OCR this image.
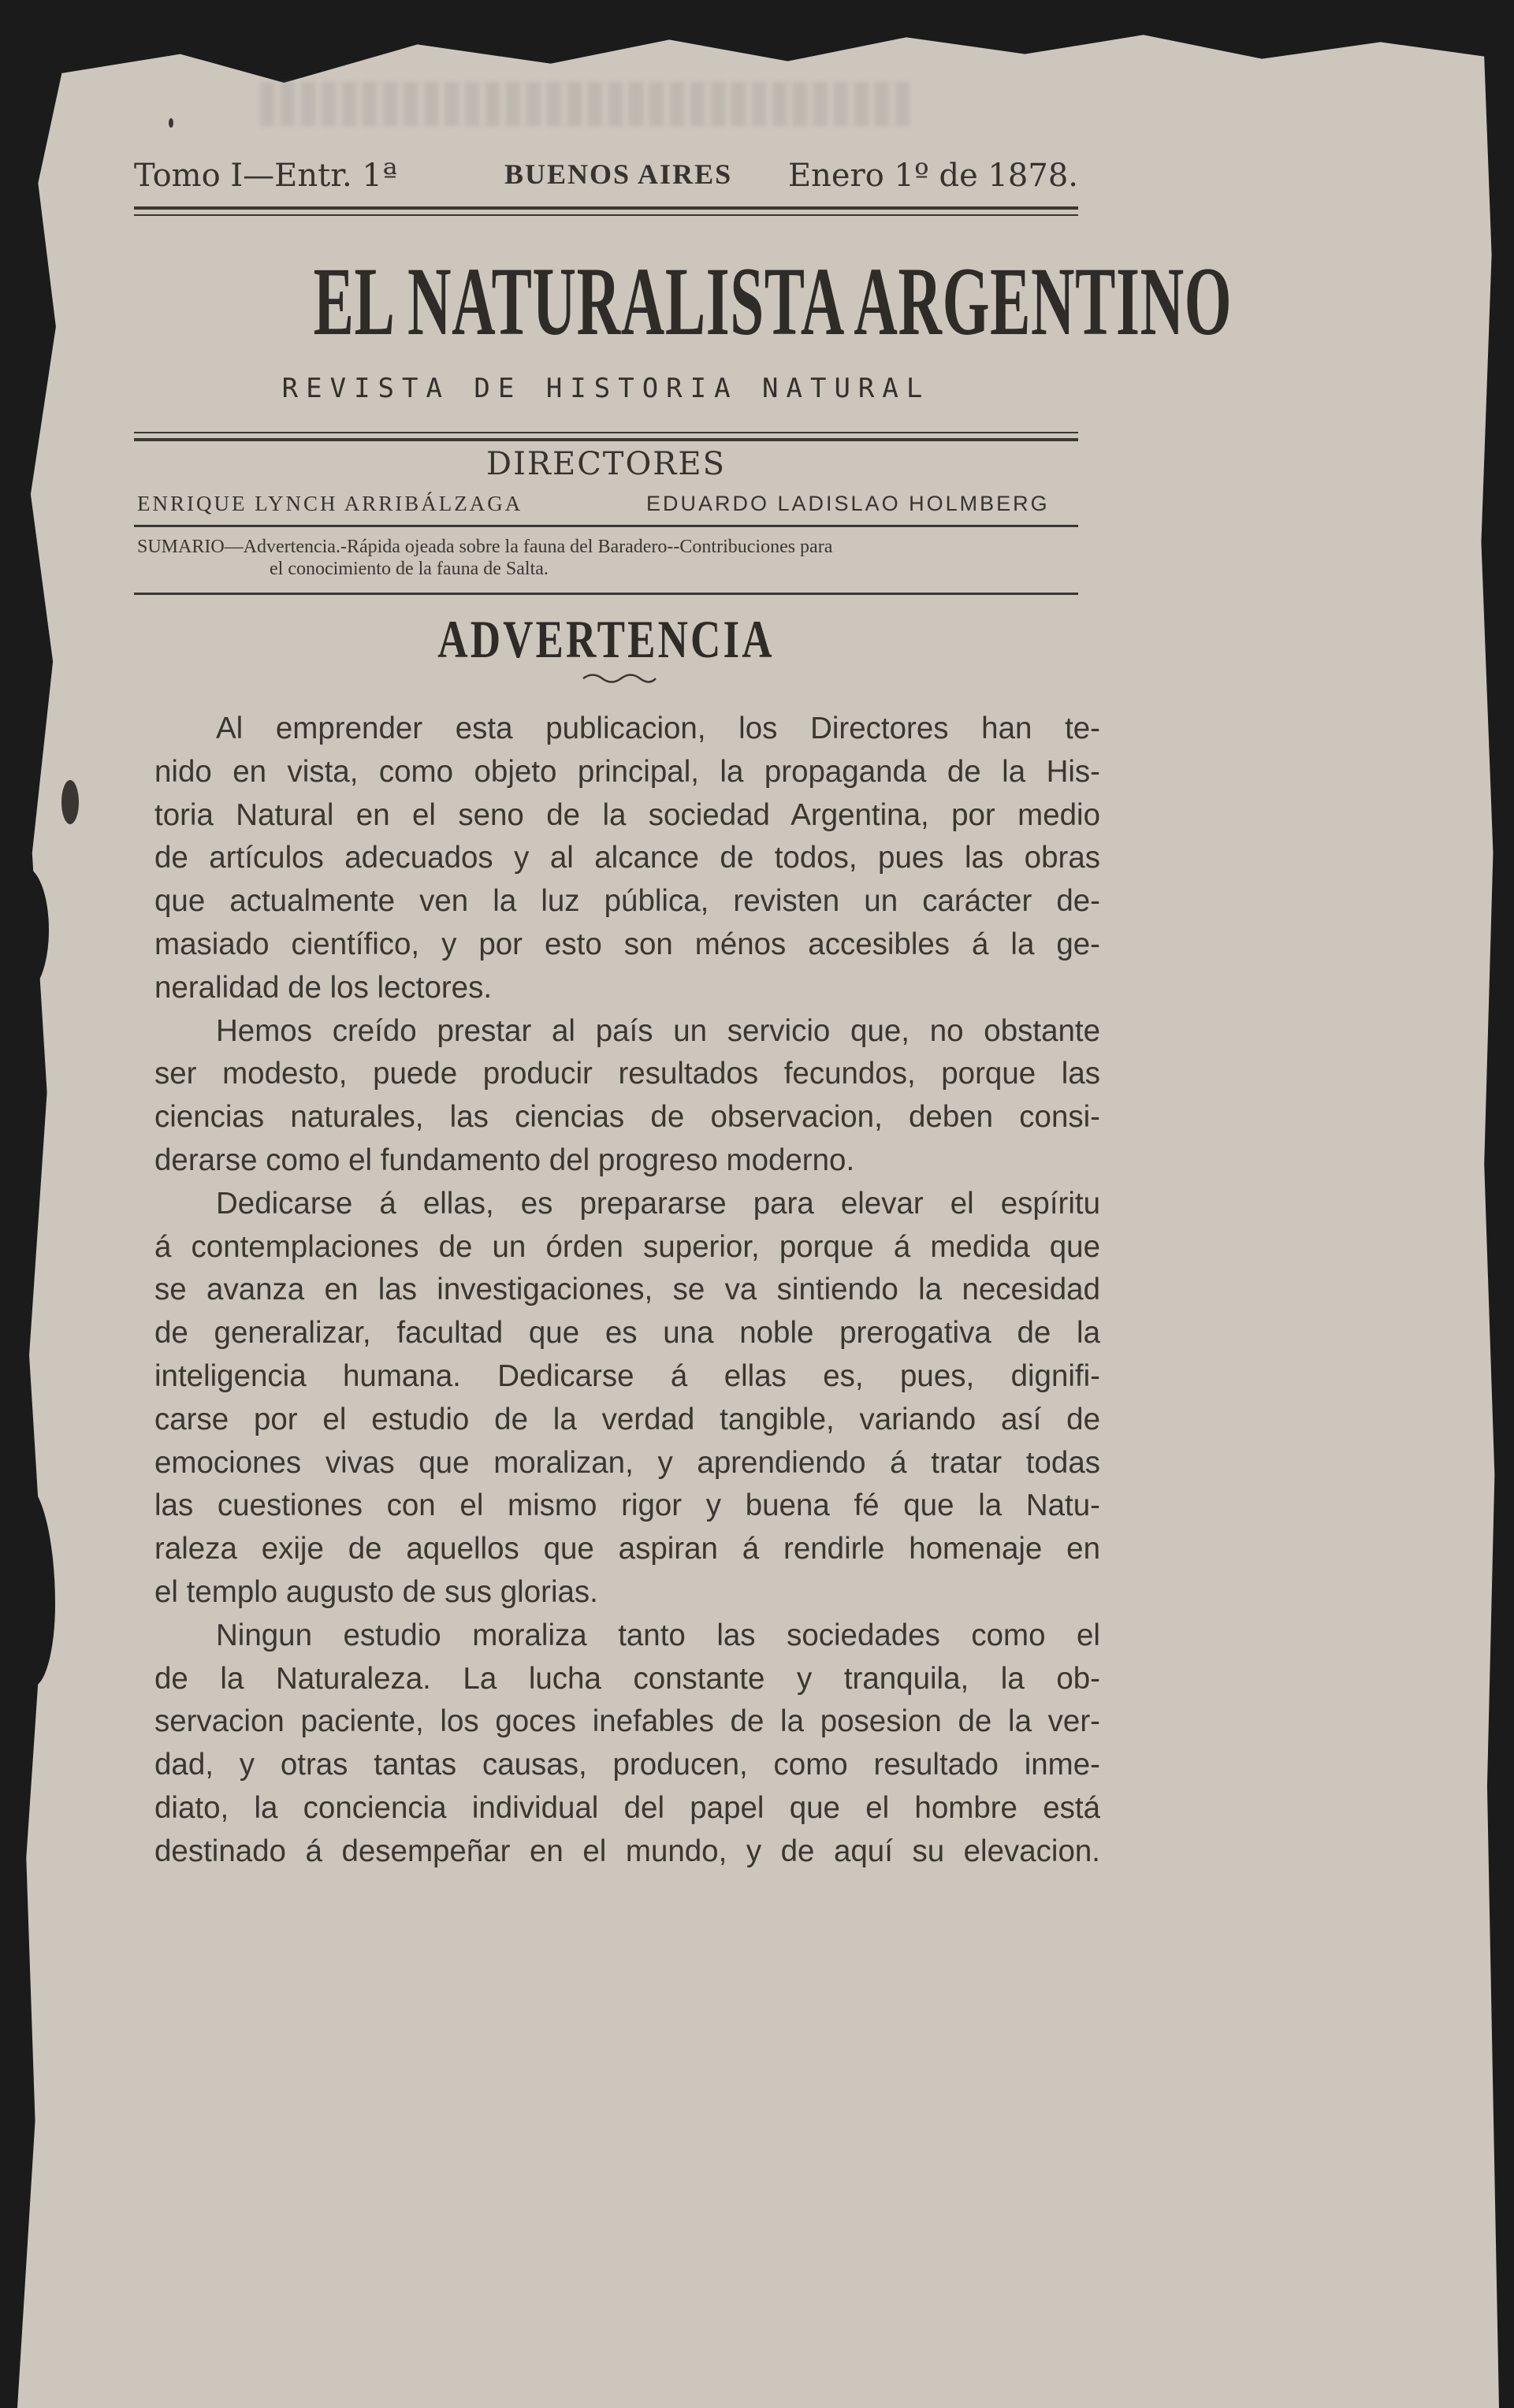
Tomo I—Entr. 1ª	BUENOS AIRES Enero 1º de 1878.
EL NATURALISTA ARGENTINO
REVISTA DE HISTORIA NATURAL
DIRECTORES
ENRIQUE LYNCH ARRIBÁLZAGA	EDUARDO LADISLAO HOLMBERG

SUMARIO—Advertencia.-Rápida ojeada sobre la fauna del Baradero--Contribuciones para

el conocimiento de la fauna de Salta.

ADVERTENCIA
Al emprender esta publicacion, los Directores han te-
nido en vista, como objeto principal, la propaganda de la His-
toria Natural en el seno de la sociedad Argentina, por medio
de artículos adecuados y al alcance de todos, pues las obras
que actualmente ven la luz pública, revisten un carácter de-
masiado científico, y por esto son ménos accesibles á la ge-
neralidad de los lectores.
Hemos creído prestar al país un servicio que, no obstante
ser modesto, puede producir resultados fecundos, porque las
ciencias naturales, las ciencias de observacion, deben consi-
derarse como el fundamento del progreso moderno.
Dedicarse á ellas, es prepararse para elevar el espíritu
á contemplaciones de un órden superior, porque á medida que
se avanza en las investigaciones, se va sintiendo la necesidad
de generalizar, facultad que es una noble prerogativa de la
inteligencia humana. Dedicarse á ellas es, pues, dignifi-
carse por el estudio de la verdad tangible, variando así de
emociones vivas que moralizan, y aprendiendo á tratar todas
las cuestiones con el mismo rigor y buena fé que la Natu-
raleza exije de aquellos que aspiran á rendirle homenaje en
el templo augusto de sus glorias.
Ningun estudio moraliza tanto las sociedades como el
de la Naturaleza. La lucha constante y tranquila, la ob-
servacion paciente, los goces inefables de la posesion de la ver-
dad, y otras tantas causas, producen, como resultado inme-
diato, la conciencia individual del papel que el hombre está
destinado á desempeñar en el mundo, y de aquí su elevacion.
